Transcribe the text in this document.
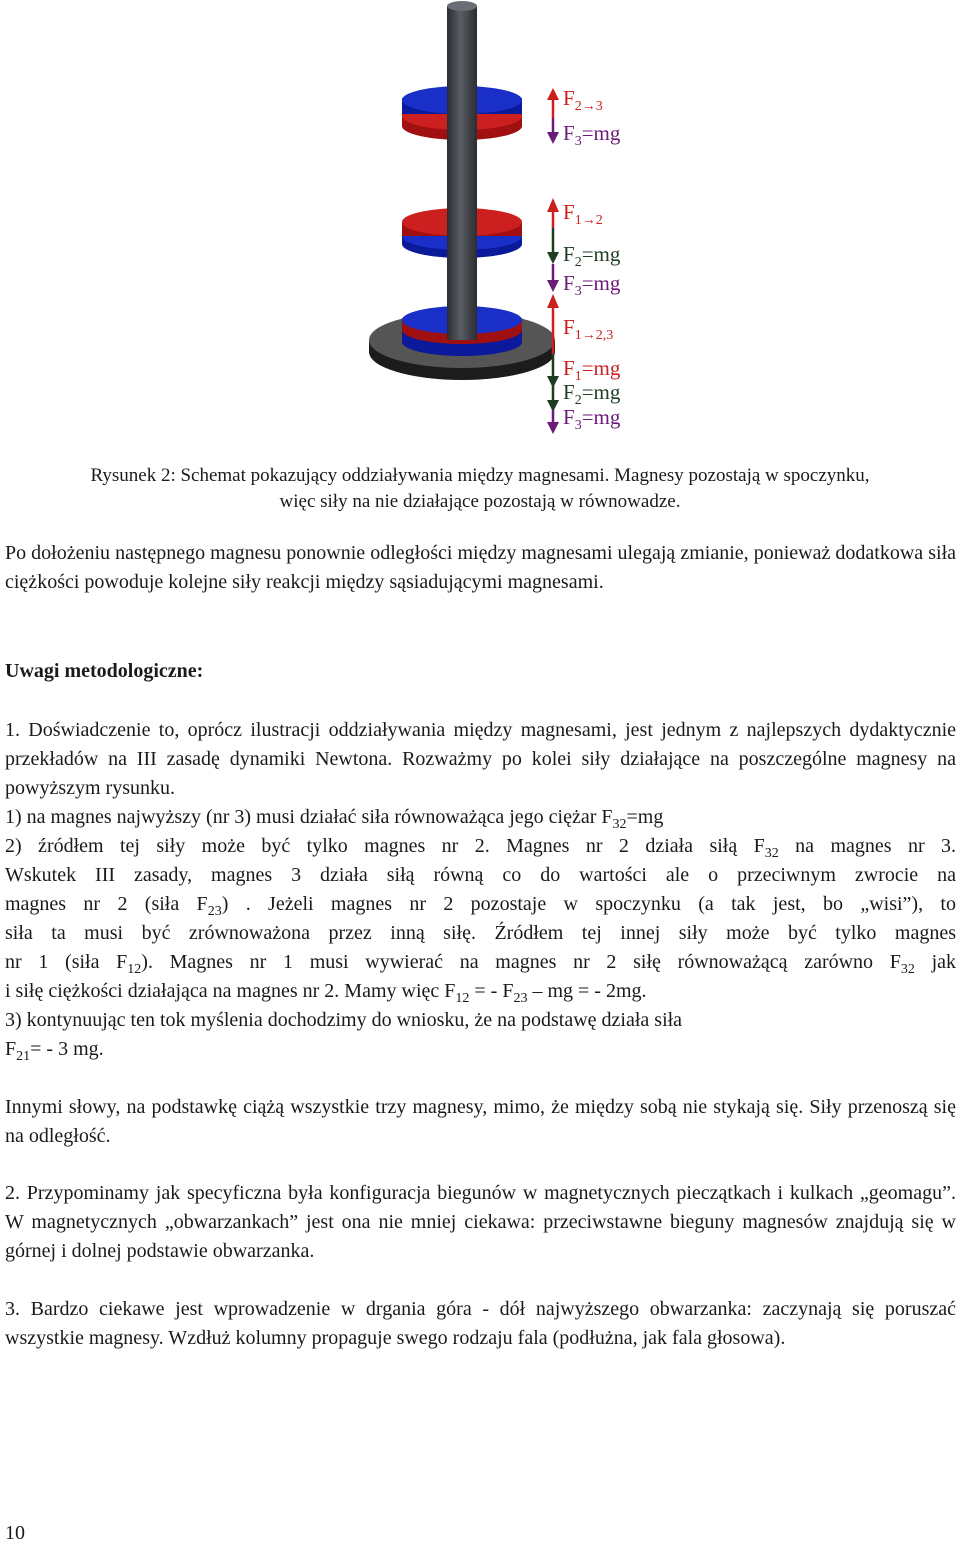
$F_{2\to 3}$
$F_3=mg$
$F_{1\to 2}$
$F_2=mg$
$F_3=mg$
$F_{1\to 2,3}$
$F_1=mg$
$F_2=mg$
$F_3=mg$
Rysunek 2: Schemat pokazujący oddziaływania między magnesami. Magnesy pozostają w spoczynku,
więc siły na nie działające pozostają w równowadze.

Po dołożeniu następnego magnesu ponownie odległości między magnesami ulegają zmianie, ponieważ dodatkowa siła ciężkości powoduje kolejne siły reakcji między sąsiadującymi magnesami.

Uwagi metodologiczne:

1. Doświadczenie to, oprócz ilustracji oddziaływania między magnesami, jest jednym z najlepszych dydaktycznie przekładów na III zasadę dynamiki Newtona. Rozważmy po kolei siły działające na poszczególne magnesy na powyższym rysunku.

1) na magnes najwyższy (nr 3) musi działać siła równoważąca jego ciężar $F_{32}=mg$

2) źródłem tej siły może być tylko magnes nr 2. Magnes nr 2 działa siłą $F_{32}$ na magnes nr 3.

Wskutek III zasady, magnes 3 działa siłą równą co do wartości ale o przeciwnym zwrocie na

magnes nr 2 (siła $F_{23}$) . Jeżeli magnes nr 2 pozostaje w spoczynku (a tak jest, bo „wisi”), to

siła ta musi być zrównoważona przez inną siłę. Źródłem tej innej siły może być tylko magnes

nr 1 (siła $F_{12}$). Magnes nr 1 musi wywierać na magnes nr 2 siłę równoważącą zarówno $F_{32}$ jak

i siłę ciężkości działająca na magnes nr 2. Mamy więc $F_{12}$ = - $F_{23}$ – mg = - 2mg.

3) kontynuując ten tok myślenia dochodzimy do wniosku, że na podstawę działa siła

$F_{21}= - 3$ mg.

Innymi słowy, na podstawkę ciążą wszystkie trzy magnesy, mimo, że między sobą nie stykają się. Siły przenoszą się na odległość.

2. Przypominamy jak specyficzna była konfiguracja biegunów w magnetycznych pieczątkach i kulkach „geomagu”. W magnetycznych „obwarzankach” jest ona nie mniej ciekawa: przeciwstawne bieguny magnesów znajdują się w górnej i dolnej podstawie obwarzanka.

3. Bardzo ciekawe jest wprowadzenie w drgania góra - dół najwyższego obwarzanka: zaczynają się poruszać wszystkie magnesy. Wzdłuż kolumny propaguje swego rodzaju fala (podłużna, jak fala głosowa).

10
